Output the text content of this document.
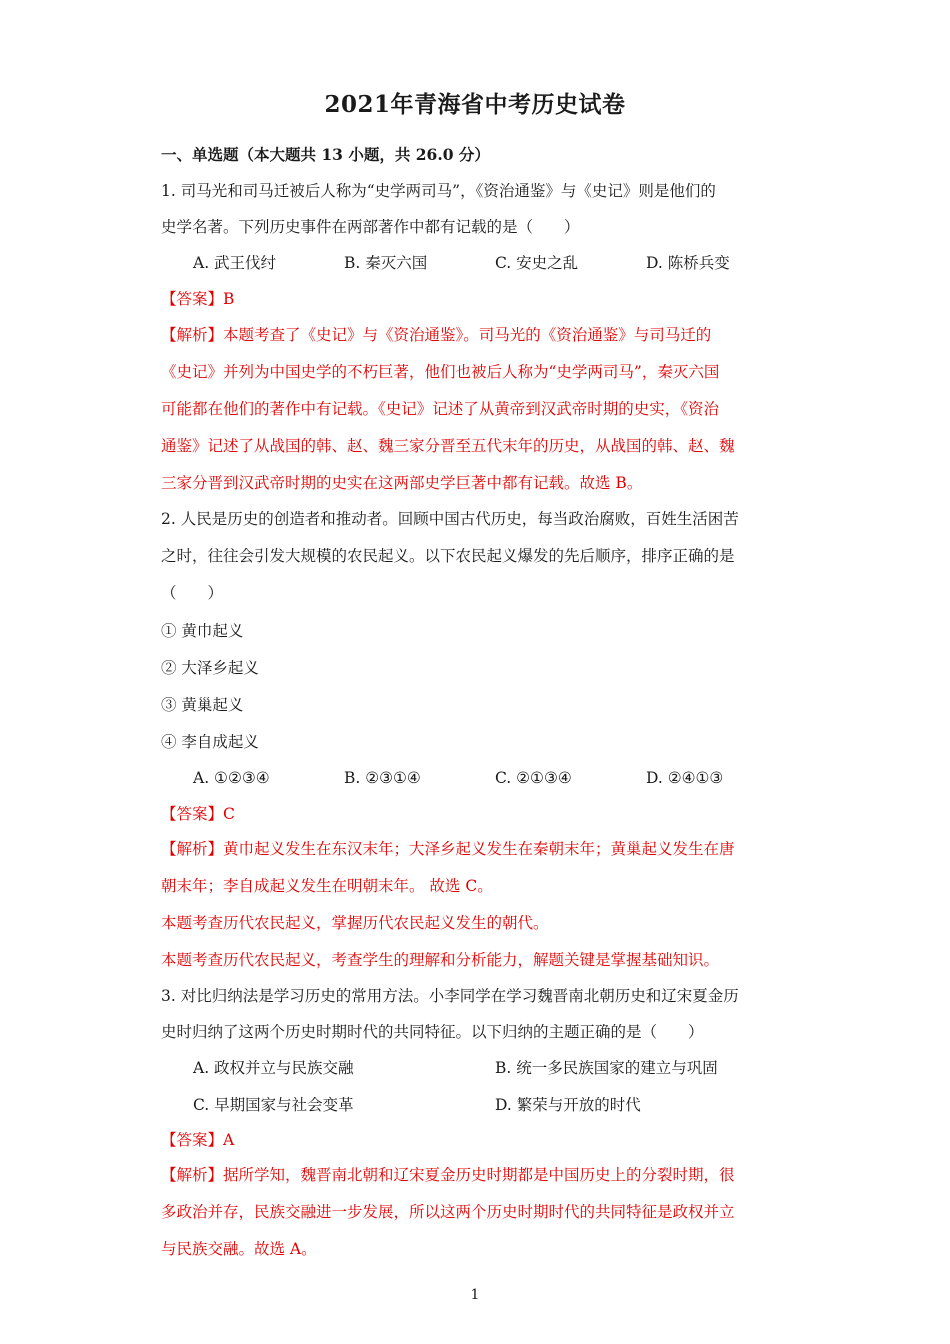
2021年青海省中考历史试卷
一、单选题（本大题共 13 小题，共 26.0 分）
1. 司马光和司马迁被后人称为“史学两司马”，《资治通鉴》与《史记》则是他们的
史学名著。下列历史事件在两部著作中都有记载的是（　　）
A. 武王伐纣	B. 秦灭六国	C. 安史之乱	D. 陈桥兵变
【答案】B
【解析】本题考查了《史记》与《资治通鉴》。司马光的《资治通鉴》与司马迁的
《史记》并列为中国史学的不朽巨著，他们也被后人称为“史学两司马”，秦灭六国
可能都在他们的著作中有记载。《史记》记述了从黄帝到汉武帝时期的史实，《资治
通鉴》记述了从战国的韩、赵、魏三家分晋至五代末年的历史，从战国的韩、赵、魏
三家分晋到汉武帝时期的史实在这两部史学巨著中都有记载。故选 B。
2. 人民是历史的创造者和推动者。回顾中国古代历史，每当政治腐败，百姓生活困苦
之时，往往会引发大规模的农民起义。以下农民起义爆发的先后顺序，排序正确的是
（　　）
① 黄巾起义
② 大泽乡起义
③ 黄巢起义
④ 李自成起义
A. ①②③④	B. ②③①④	C. ②①③④	D. ②④①③
【答案】C
【解析】黄巾起义发生在东汉末年；大泽乡起义发生在秦朝末年；黄巢起义发生在唐
朝末年；李自成起义发生在明朝末年。 故选 C。
本题考查历代农民起义，掌握历代农民起义发生的朝代。
本题考查历代农民起义，考查学生的理解和分析能力，解题关键是掌握基础知识。
3. 对比归纳法是学习历史的常用方法。小李同学在学习魏晋南北朝历史和辽宋夏金历
史时归纳了这两个历史时期时代的共同特征。以下归纳的主题正确的是（　　）
A. 政权并立与民族交融	B. 统一多民族国家的建立与巩固
C. 早期国家与社会变革	D. 繁荣与开放的时代
【答案】A
【解析】据所学知，魏晋南北朝和辽宋夏金历史时期都是中国历史上的分裂时期，很
多政治并存，民族交融进一步发展，所以这两个历史时期时代的共同特征是政权并立
与民族交融。故选 A。
1
